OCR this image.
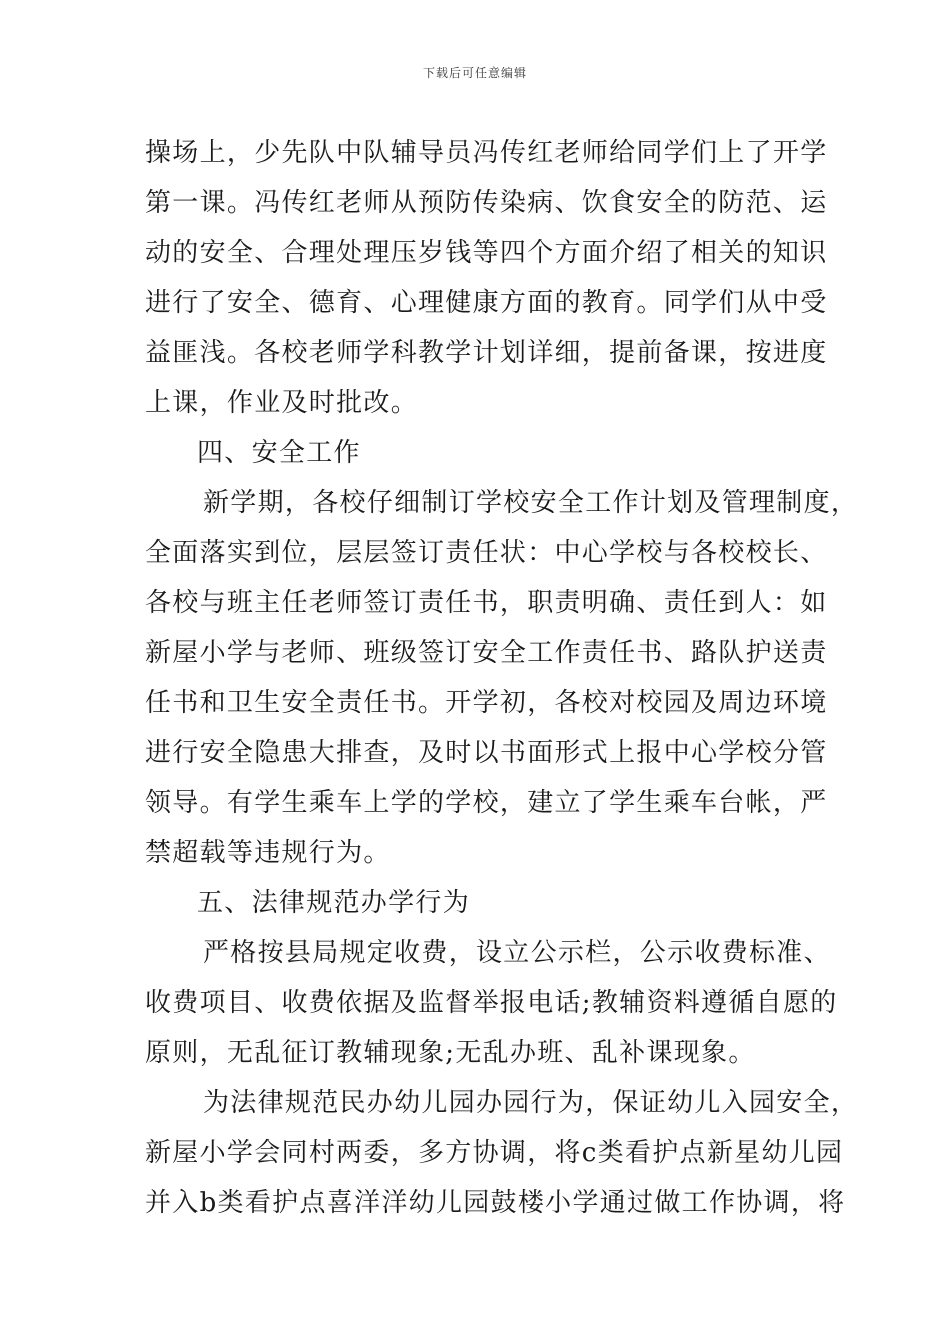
下载后可任意编辑
操场上，少先队中队辅导员冯传红老师给同学们上了开学
第一课。冯传红老师从预防传染病、饮食安全的防范、运
动的安全、合理处理压岁钱等四个方面介绍了相关的知识
进行了安全、德育、心理健康方面的教育。同学们从中受
益匪浅。各校老师学科教学计划详细，提前备课，按进度
上课，作业及时批改。
四、安全工作
新学期，各校仔细制订学校安全工作计划及管理制度，
全面落实到位，层层签订责任状：中心学校与各校校长、
各校与班主任老师签订责任书，职责明确、责任到人：如
新屋小学与老师、班级签订安全工作责任书、路队护送责
任书和卫生安全责任书。开学初，各校对校园及周边环境
进行安全隐患大排查，及时以书面形式上报中心学校分管
领导。有学生乘车上学的学校，建立了学生乘车台帐，严
禁超载等违规行为。
五、法律规范办学行为
严格按县局规定收费，设立公示栏，公示收费标准、
收费项目、收费依据及监督举报电话;教辅资料遵循自愿的
原则，无乱征订教辅现象;无乱办班、乱补课现象。
为法律规范民办幼儿园办园行为，保证幼儿入园安全，
新屋小学会同村两委，多方协调，将c类看护点新星幼儿园
并入b类看护点喜洋洋幼儿园鼓楼小学通过做工作协调，将
